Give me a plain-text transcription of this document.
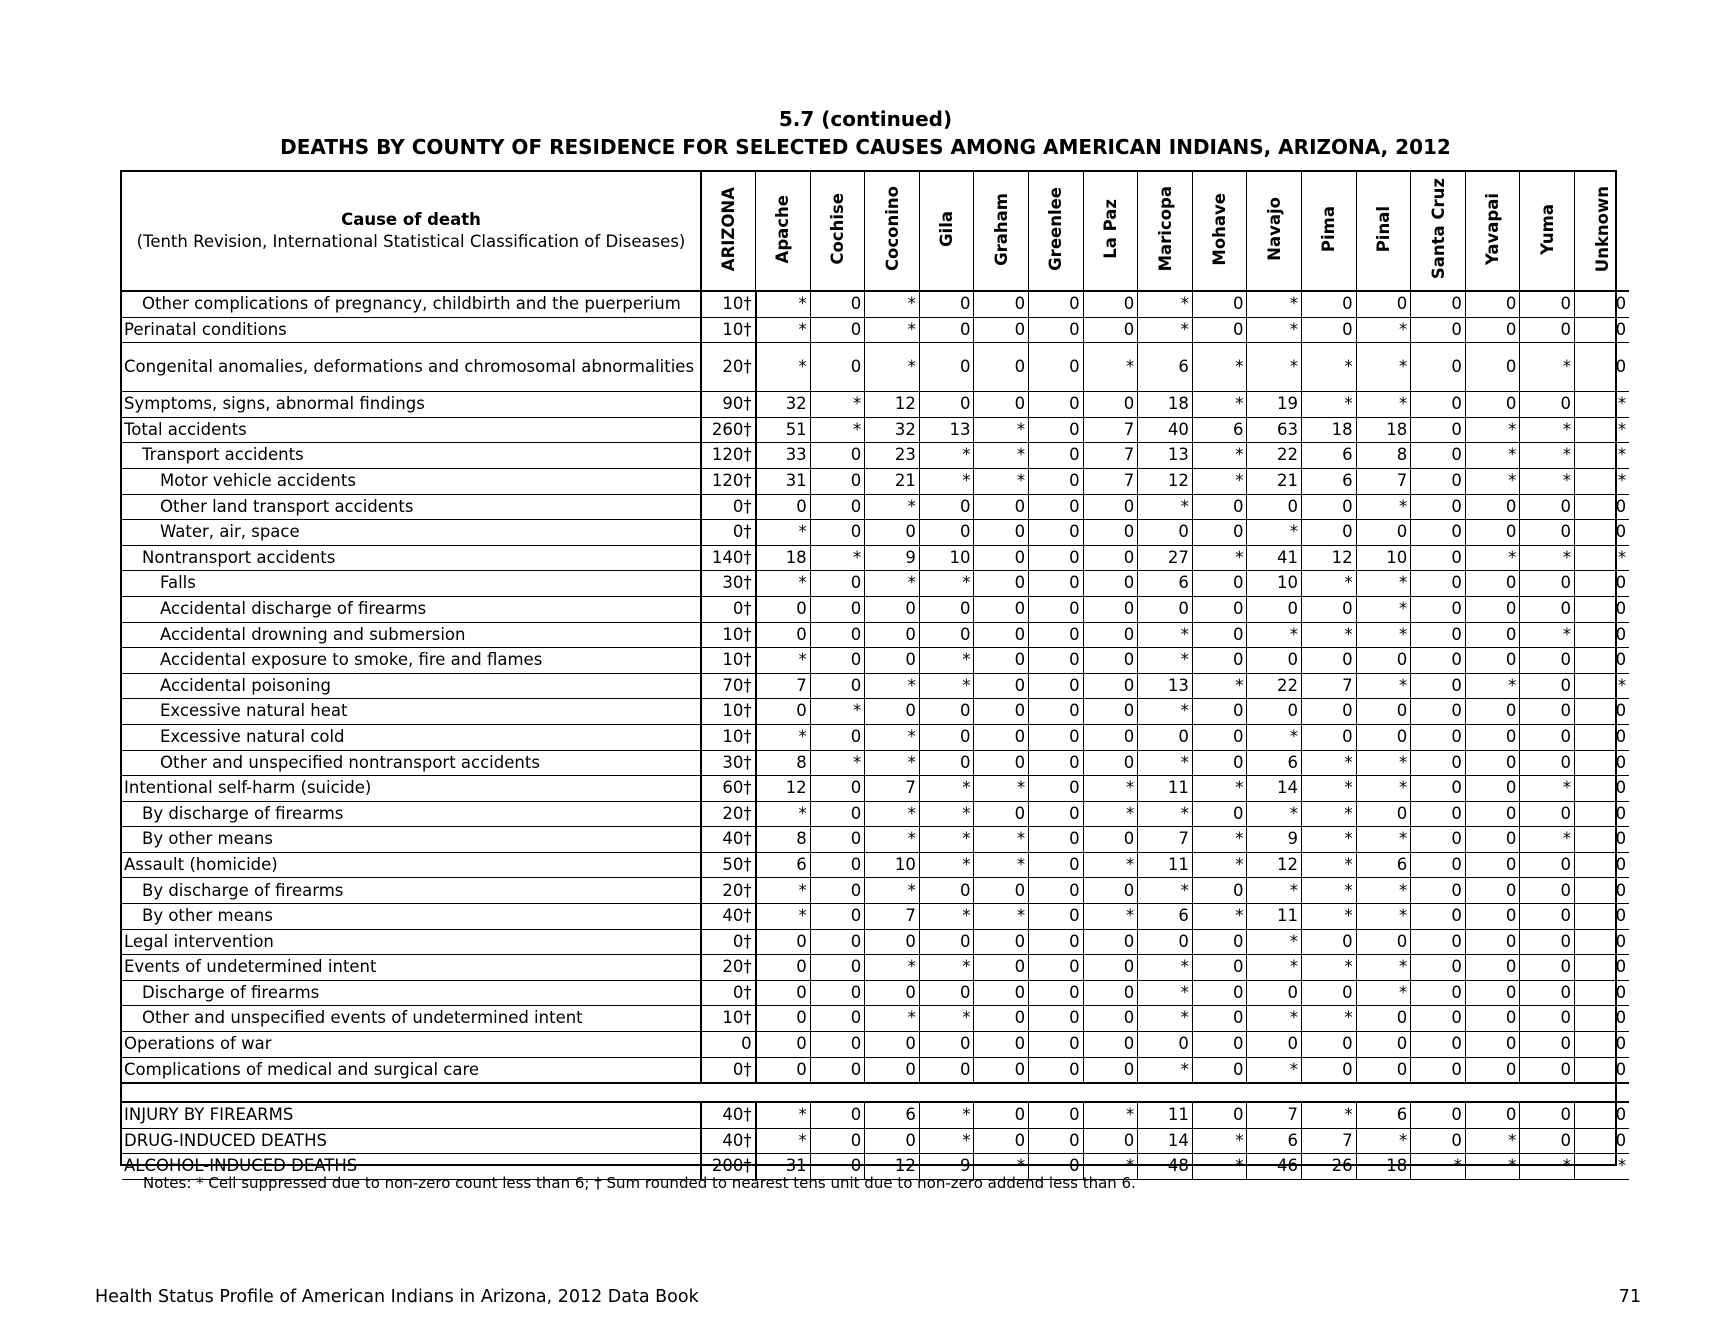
5.7 (continued)
DEATHS BY COUNTY OF RESIDENCE FOR SELECTED CAUSES AMONG AMERICAN INDIANS, ARIZONA, 2012
Cause of death
(Tenth Revision, International Statistical Classification of Diseases)	ARIZONA	Apache	Cochise	Coconino	Gila	Graham	Greenlee	La Paz	Maricopa	Mohave	Navajo	Pima	Pinal	Santa Cruz	Yavapai	Yuma	Unknown
Other complications of pregnancy, childbirth and the puerperium	10†	*	0	*	0	0	0	0	*	0	*	0	0	0	0	0	0
Perinatal conditions	10†	*	0	*	0	0	0	0	*	0	*	0	*	0	0	0	0
Congenital anomalies, deformations and chromosomal abnormalities	20†	*	0	*	0	0	0	*	6	*	*	*	*	0	0	*	0
Symptoms, signs, abnormal findings	90†	32	*	12	0	0	0	0	18	*	19	*	*	0	0	0	*
Total accidents	260†	51	*	32	13	*	0	7	40	6	63	18	18	0	*	*	*
Transport accidents	120†	33	0	23	*	*	0	7	13	*	22	6	8	0	*	*	*
Motor vehicle accidents	120†	31	0	21	*	*	0	7	12	*	21	6	7	0	*	*	*
Other land transport accidents	0†	0	0	*	0	0	0	0	*	0	0	0	*	0	0	0	0
Water, air, space	0†	*	0	0	0	0	0	0	0	0	*	0	0	0	0	0	0
Nontransport accidents	140†	18	*	9	10	0	0	0	27	*	41	12	10	0	*	*	*
Falls	30†	*	0	*	*	0	0	0	6	0	10	*	*	0	0	0	0
Accidental discharge of firearms	0†	0	0	0	0	0	0	0	0	0	0	0	*	0	0	0	0
Accidental drowning and submersion	10†	0	0	0	0	0	0	0	*	0	*	*	*	0	0	*	0
Accidental exposure to smoke, fire and flames	10†	*	0	0	*	0	0	0	*	0	0	0	0	0	0	0	0
Accidental poisoning	70†	7	0	*	*	0	0	0	13	*	22	7	*	0	*	0	*
Excessive natural heat	10†	0	*	0	0	0	0	0	*	0	0	0	0	0	0	0	0
Excessive natural cold	10†	*	0	*	0	0	0	0	0	0	*	0	0	0	0	0	0
Other and unspecified nontransport accidents	30†	8	*	*	0	0	0	0	*	0	6	*	*	0	0	0	0
Intentional self-harm (suicide)	60†	12	0	7	*	*	0	*	11	*	14	*	*	0	0	*	0
By discharge of firearms	20†	*	0	*	*	0	0	*	*	0	*	*	0	0	0	0	0
By other means	40†	8	0	*	*	*	0	0	7	*	9	*	*	0	0	*	0
Assault (homicide)	50†	6	0	10	*	*	0	*	11	*	12	*	6	0	0	0	0
By discharge of firearms	20†	*	0	*	0	0	0	0	*	0	*	*	*	0	0	0	0
By other means	40†	*	0	7	*	*	0	*	6	*	11	*	*	0	0	0	0
Legal intervention	0†	0	0	0	0	0	0	0	0	0	*	0	0	0	0	0	0
Events of undetermined intent	20†	0	0	*	*	0	0	0	*	0	*	*	*	0	0	0	0
Discharge of firearms	0†	0	0	0	0	0	0	0	*	0	0	0	*	0	0	0	0
Other and unspecified events of undetermined intent	10†	0	0	*	*	0	0	0	*	0	*	*	0	0	0	0	0
Operations of war	0	0	0	0	0	0	0	0	0	0	0	0	0	0	0	0	0
Complications of medical and surgical care	0†	0	0	0	0	0	0	0	*	0	*	0	0	0	0	0	0

INJURY BY FIREARMS	40†	*	0	6	*	0	0	*	11	0	7	*	6	0	0	0	0
DRUG-INDUCED DEATHS	40†	*	0	0	*	0	0	0	14	*	6	7	*	0	*	0	0
ALCOHOL-INDUCED DEATHS	200†	31	0	12	9	*	0	*	48	*	46	26	18	*	*	*	*
Notes: * Cell suppressed due to non-zero count less than 6; † Sum rounded to nearest tens unit due to non-zero addend less than 6.
Health Status Profile of American Indians in Arizona, 2012 Data Book	71
